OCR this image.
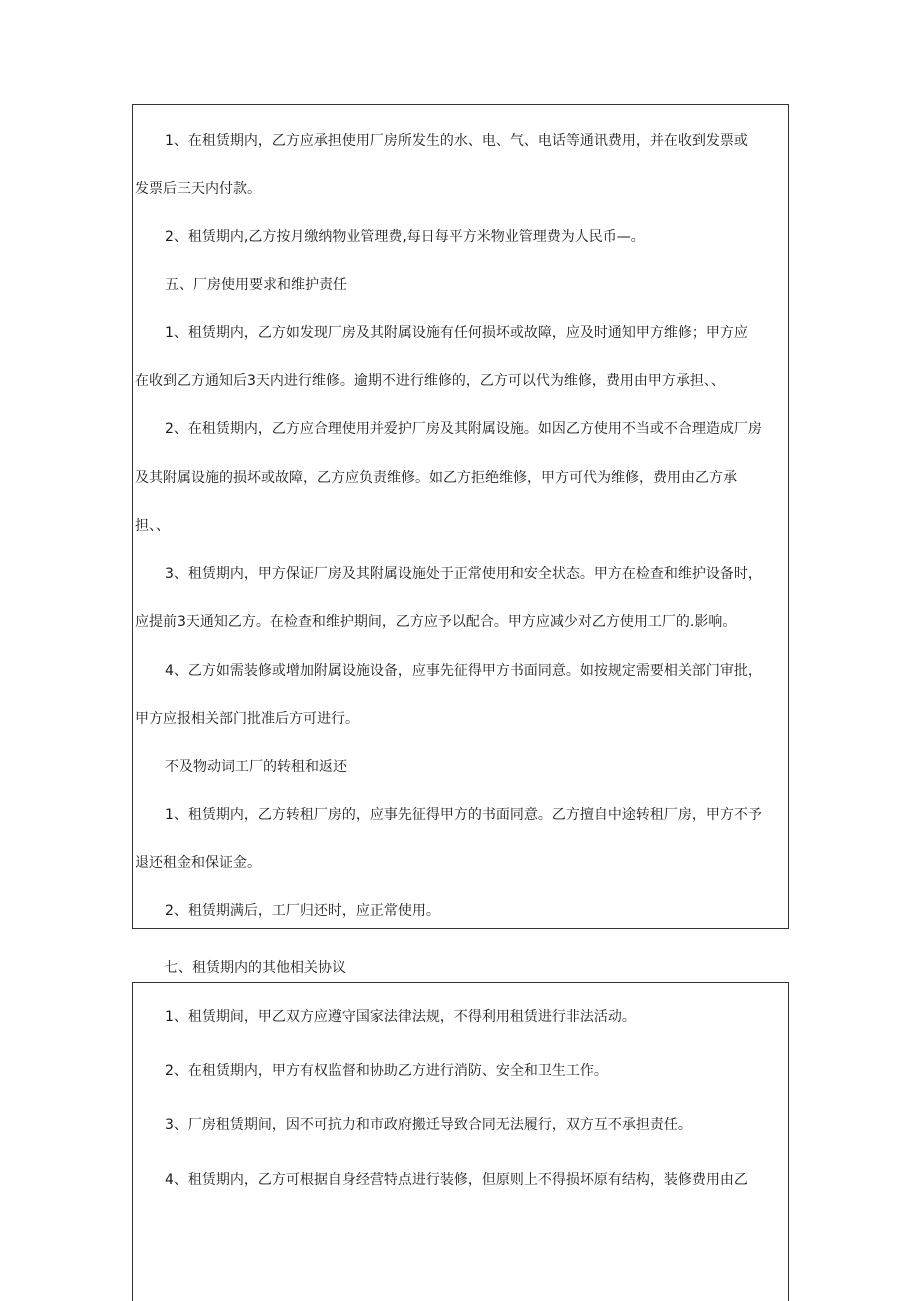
1、在租赁期内，乙方应承担使用厂房所发生的水、电、气、电话等通讯费用，并在收到发票或
发票后三天内付款。
2、租赁期内,乙方按月缴纳物业管理费,每日每平方米物业管理费为人民币—。
五、厂房使用要求和维护责任
1、租赁期内，乙方如发现厂房及其附属设施有任何损坏或故障，应及时通知甲方维修；甲方应
在收到乙方通知后3天内进行维修。逾期不进行维修的，乙方可以代为维修，费用由甲方承担、、
2、在租赁期内，乙方应合理使用并爱护厂房及其附属设施。如因乙方使用不当或不合理造成厂房
及其附属设施的损坏或故障，乙方应负责维修。如乙方拒绝维修，甲方可代为维修，费用由乙方承
担、、
3、租赁期内，甲方保证厂房及其附属设施处于正常使用和安全状态。甲方在检查和维护设备时，
应提前3天通知乙方。在检查和维护期间，乙方应予以配合。甲方应减少对乙方使用工厂的.影响。
4、乙方如需装修或增加附属设施设备，应事先征得甲方书面同意。如按规定需要相关部门审批，
甲方应报相关部门批准后方可进行。
不及物动词工厂的转租和返还
1、租赁期内，乙方转租厂房的，应事先征得甲方的书面同意。乙方擅自中途转租厂房，甲方不予
退还租金和保证金。
2、租赁期满后，工厂归还时，应正常使用。
七、租赁期内的其他相关协议
1、租赁期间，甲乙双方应遵守国家法律法规，不得利用租赁进行非法活动。
2、在租赁期内，甲方有权监督和协助乙方进行消防、安全和卫生工作。
3、厂房租赁期间，因不可抗力和市政府搬迁导致合同无法履行，双方互不承担责任。
4、租赁期内，乙方可根据自身经营特点进行装修，但原则上不得损坏原有结构，装修费用由乙
